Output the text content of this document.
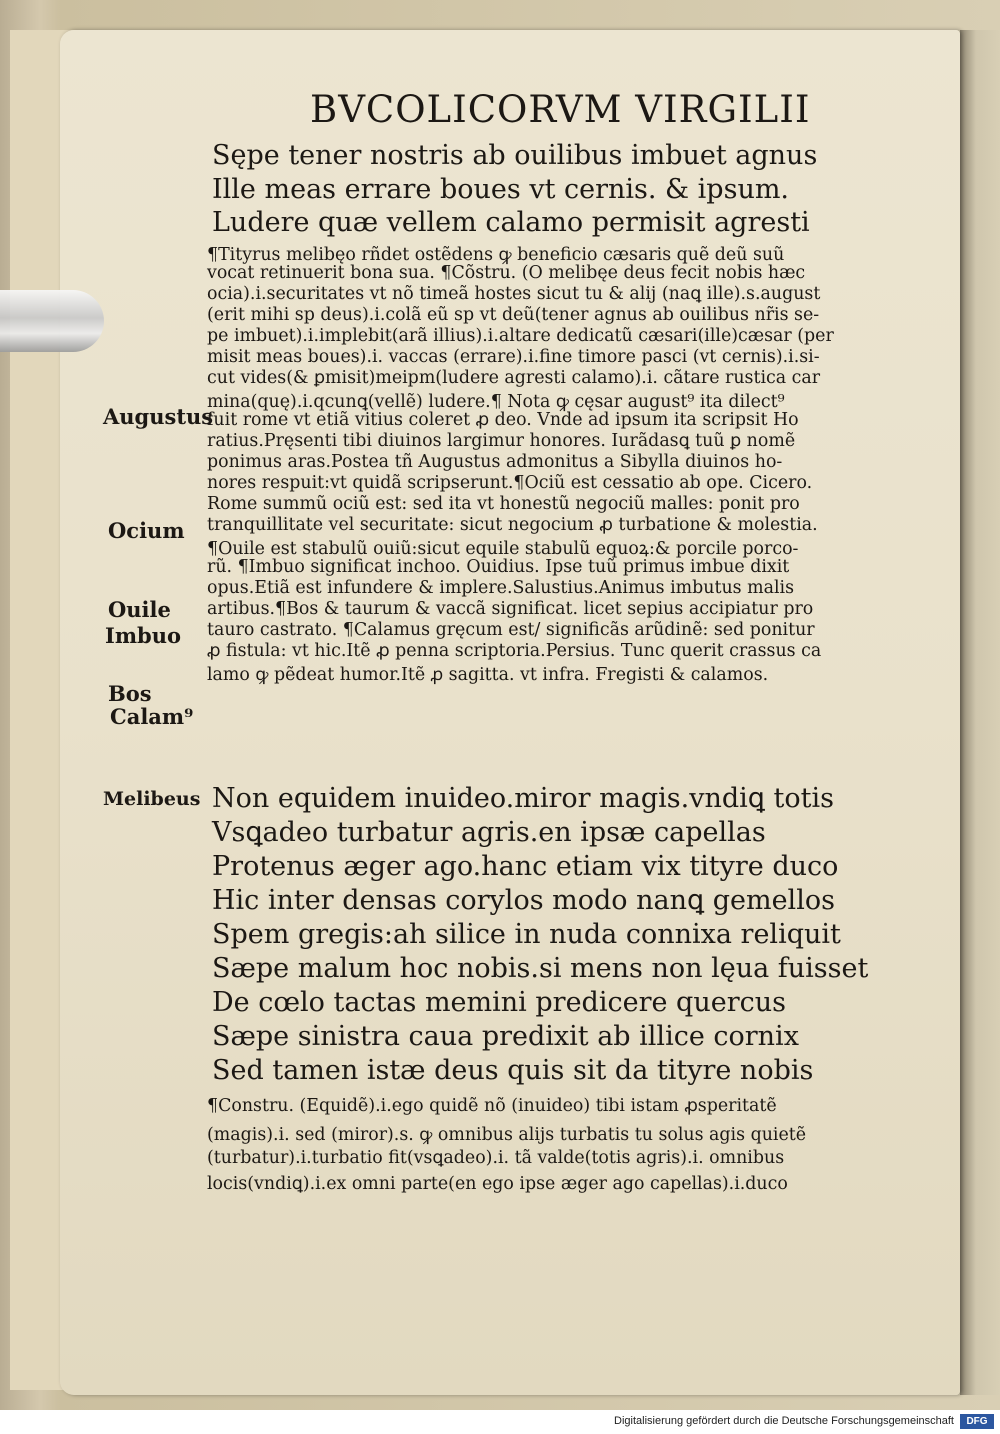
BVCOLICORVM VIRGILII
Sępe tener nostris ab ouilibus imbuet agnus
Ille meas errare boues vt cernis. & ipsum.
Ludere quæ vellem calamo permisit agresti
¶Tityrus melibęo rñdet ostẽdens ꝙ beneficio cæsaris quẽ deũ suũ
vocat retinuerit bona sua. ¶Cõstru. (O melibęe deus fecit nobis hæc
ocia).i.securitates vt nõ timeã hostes sicut tu & alij (naꝗ ille).s.august
(erit mihi sp deus).i.colã eũ sp vt deũ(tener agnus ab ouilibus nr̃is se-
pe imbuet).i.implebit(arã illius).i.altare dedicatũ cæsari(ille)cæsar (per
misit meas boues).i. vaccas (errare).i.fine timore pasci (vt cernis).i.si-
cut vides(& ꝑmisit)meipm(ludere agresti calamo).i. cãtare rustica car
mina(quę).i.qcunꝗ(vellẽ) ludere.¶ Nota ꝙ cęsar august⁹ ita dilect⁹
fuit rome vt etiã vitius coleret ꝓ deo. Vnde ad ipsum ita scripsit Ho
ratius.Pręsenti tibi diuinos largimur honores. Iurãdasꝗ tuũ ꝑ nomẽ
ponimus aras.Postea tñ Augustus admonitus a Sibylla diuinos ho-
nores respuit:vt quidã scripserunt.¶Ociũ est cessatio ab ope. Cicero.
Rome summũ ociũ est: sed ita vt honestũ negociũ malles: ponit pro
tranquillitate vel securitate: sicut negocium ꝓ turbatione & molestia.
¶Ouile est stabulũ ouiũ:sicut equile stabulũ equoꝝ:& porcile porco-
rũ. ¶Imbuo significat inchoo. Ouidius. Ipse tuũ primus imbue dixit
opus.Etiã est infundere & implere.Salustius.Animus imbutus malis
artibus.¶Bos & taurum & vaccã significat. licet sepius accipiatur pro
tauro castrato. ¶Calamus gręcum est/ significãs arũdinẽ: sed ponitur
ꝓ fistula: vt hic.Itẽ ꝓ penna scriptoria.Persius. Tunc querit crassus ca
lamo ꝙ pẽdeat humor.Itẽ ꝓ sagitta. vt infra. Fregisti & calamos.
Non equidem inuideo.miror magis.vndiꝗ totis
Vsꝗadeo turbatur agris.en ipsæ capellas
Protenus æger ago.hanc etiam vix tityre duco
Hic inter densas corylos modo nanꝗ gemellos
Spem gregis:ah silice in nuda connixa reliquit
Sæpe malum hoc nobis.si mens non lęua fuisset
De cœlo tactas memini predicere quercus
Sæpe sinistra caua predixit ab illice cornix
Sed tamen istæ deus quis sit da tityre nobis
¶Constru. (Equidẽ).i.ego quidẽ nõ (inuideo) tibi istam ꝓsperitatẽ
(magis).i. sed (miror).s. ꝙ omnibus alijs turbatis tu solus agis quietẽ
(turbatur).i.turbatio fit(vsꝗadeo).i. tã valde(totis agris).i. omnibus
locis(vndiꝗ).i.ex omni parte(en ego ipse æger ago capellas).i.duco
Augustus
Ocium
Ouile
Imbuo
Bos
Calam⁹
Melibeus
Digitalisierung gefördert durch die Deutsche Forschungsgemeinschaft	DFG
